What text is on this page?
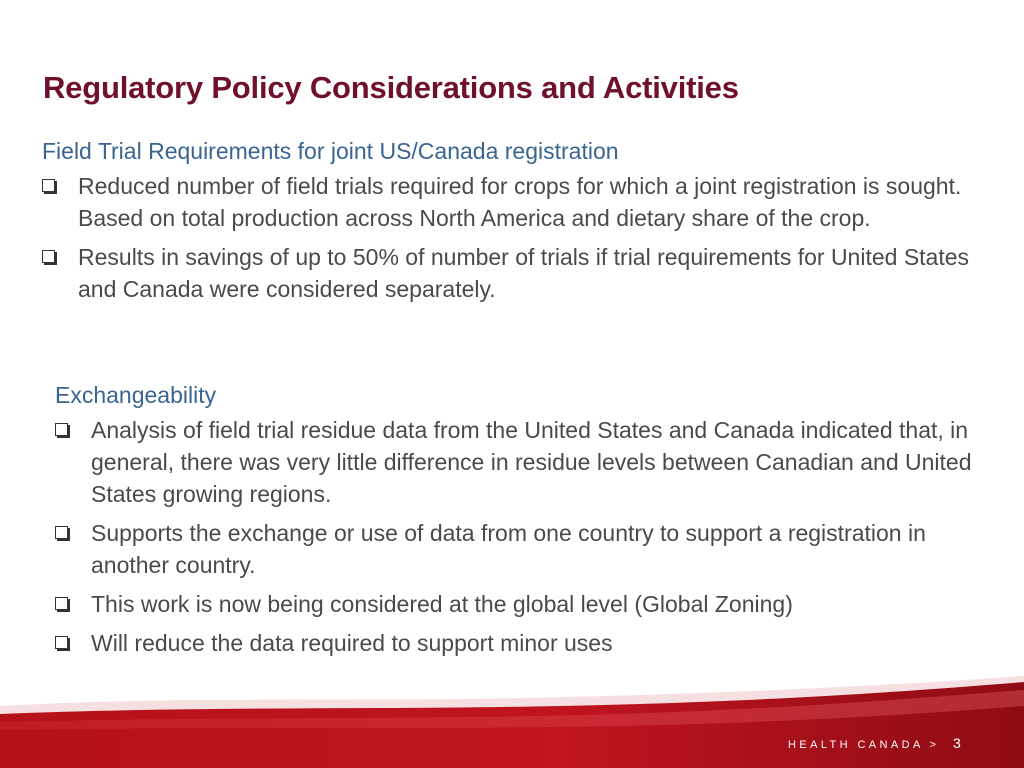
Regulatory Policy Considerations and Activities
Field Trial Requirements for joint US/Canada registration
Reduced number of field trials required for crops for which a joint registration is sought. Based on total production across North America and dietary share of the crop.
Results in savings of up to 50% of number of trials if trial requirements for United States and Canada were considered separately.
Exchangeability
Analysis of field trial residue data from the United States and Canada indicated that, in general, there was very little difference in residue levels between Canadian and United States growing regions.
Supports the exchange or use of data from one country to support a registration in another country.
This work is now being considered at the global level (Global Zoning)
Will reduce the data required to support minor uses
HEALTH CANADA > 3
